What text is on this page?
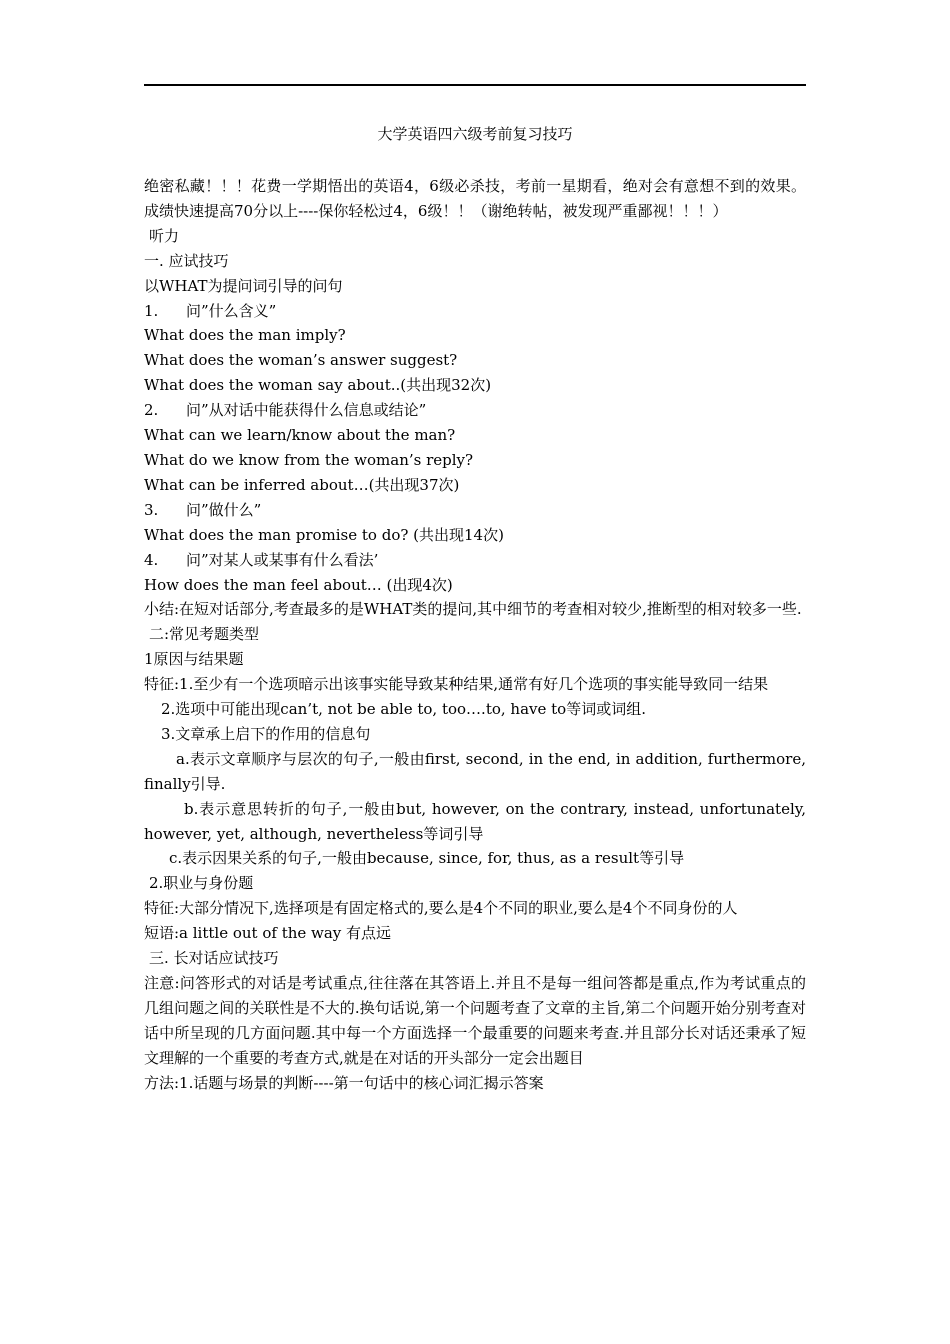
大学英语四六级考前复习技巧

绝密私藏！！！花费一学期悟出的英语4，6级必杀技，考前一星期看，绝对会有意想不到的效果。成绩快速提高70分以上----保你轻松过4，6级！！（谢绝转帖，被发现严重鄙视！！！）

听力

一. 应试技巧

以WHAT为提问词引导的问句

1. 问”什么含义”

What does the man imply?

What does the woman’s answer suggest?

What does the woman say about..(共出现32次)

2. 问”从对话中能获得什么信息或结论”

What can we learn/know about the man?

What do we know from the woman’s reply?

What can be inferred about…(共出现37次)

3. 问”做什么”

What does the man promise to do? (共出现14次)

4. 问”对某人或某事有什么看法’

How does the man feel about… (出现4次)

小结:在短对话部分,考查最多的是WHAT类的提问,其中细节的考查相对较少,推断型的相对较多一些.

二:常见考题类型

1原因与结果题

特征:1.至少有一个选项暗示出该事实能导致某种结果,通常有好几个选项的事实能导致同一结果

2.选项中可能出现can’t, not be able to, too….to, have to等词或词组.

3.文章承上启下的作用的信息句

a.表示文章顺序与层次的句子,一般由first, second, in the end, in addition, furthermore, finally引导.

b.表示意思转折的句子,一般由but, however, on the contrary, instead, unfortunately, however, yet, although, nevertheless等词引导

c.表示因果关系的句子,一般由because, since, for, thus, as a result等引导

2.职业与身份题

特征:大部分情况下,选择项是有固定格式的,要么是4个不同的职业,要么是4个不同身份的人

短语:a little out of the way 有点远

三. 长对话应试技巧

注意:问答形式的对话是考试重点,往往落在其答语上.并且不是每一组问答都是重点,作为考试重点的几组问题之间的关联性是不大的.换句话说,第一个问题考查了文章的主旨,第二个问题开始分别考查对话中所呈现的几方面问题.其中每一个方面选择一个最重要的问题来考查.并且部分长对话还秉承了短文理解的一个重要的考查方式,就是在对话的开头部分一定会出题目

方法:1.话题与场景的判断----第一句话中的核心词汇揭示答案
